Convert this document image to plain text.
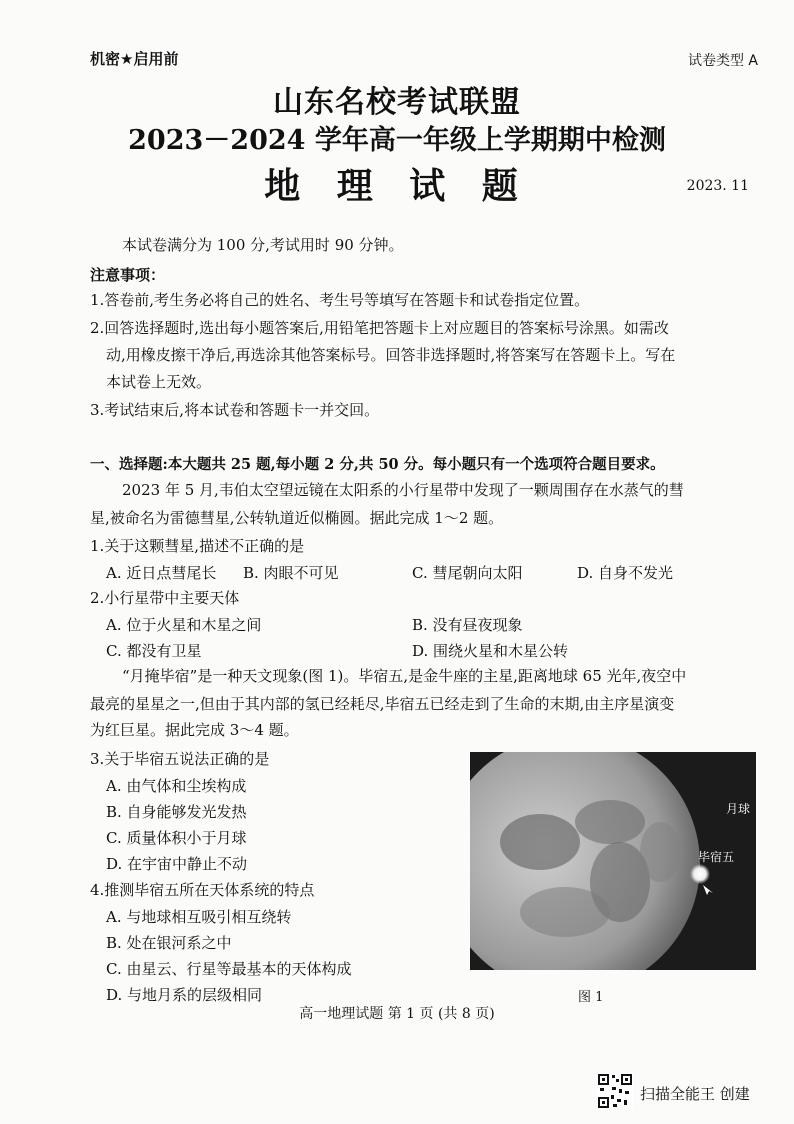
机密★启用前	试卷类型 A
山东名校考试联盟
2023－2024 学年高一年级上学期期中检测
地 理 试 题	2023. 11
本试卷满分为 100 分,考试用时 90 分钟。
注意事项：
1.答卷前,考生务必将自己的姓名、考生号等填写在答题卡和试卷指定位置。
2.回答选择题时,选出每小题答案后,用铅笔把答题卡上对应题目的答案标号涂黑。如需改
动,用橡皮擦干净后,再选涂其他答案标号。回答非选择题时,将答案写在答题卡上。写在
本试卷上无效。
3.考试结束后,将本试卷和答题卡一并交回。
一、选择题:本大题共 25 题,每小题 2 分,共 50 分。每小题只有一个选项符合题目要求。
2023 年 5 月,韦伯太空望远镜在太阳系的小行星带中发现了一颗周围存在水蒸气的彗
星,被命名为雷德彗星,公转轨道近似椭圆。据此完成 1～2 题。
1.关于这颗彗星,描述不正确的是
A. 近日点彗尾长 B. 肉眼不可见	C. 彗尾朝向太阳	D. 自身不发光
2.小行星带中主要天体
A. 位于火星和木星之间	B. 没有昼夜现象
C. 都没有卫星	D. 围绕火星和木星公转
“月掩毕宿”是一种天文现象(图 1)。毕宿五,是金牛座的主星,距离地球 65 光年,夜空中
最亮的星星之一,但由于其内部的氢已经耗尽,毕宿五已经走到了生命的末期,由主序星演变
为红巨星。据此完成 3～4 题。
3.关于毕宿五说法正确的是
A. 由气体和尘埃构成
B. 自身能够发光发热
C. 质量体积小于月球
D. 在宇宙中静止不动
4.推测毕宿五所在天体系统的特点
A. 与地球相互吸引相互绕转
B. 处在银河系之中
C. 由星云、行星等最基本的天体构成
D. 与地月系的层级相同
月球
毕宿五
图 1
高一地理试题 第 1 页 (共 8 页)
扫描全能王 创建
